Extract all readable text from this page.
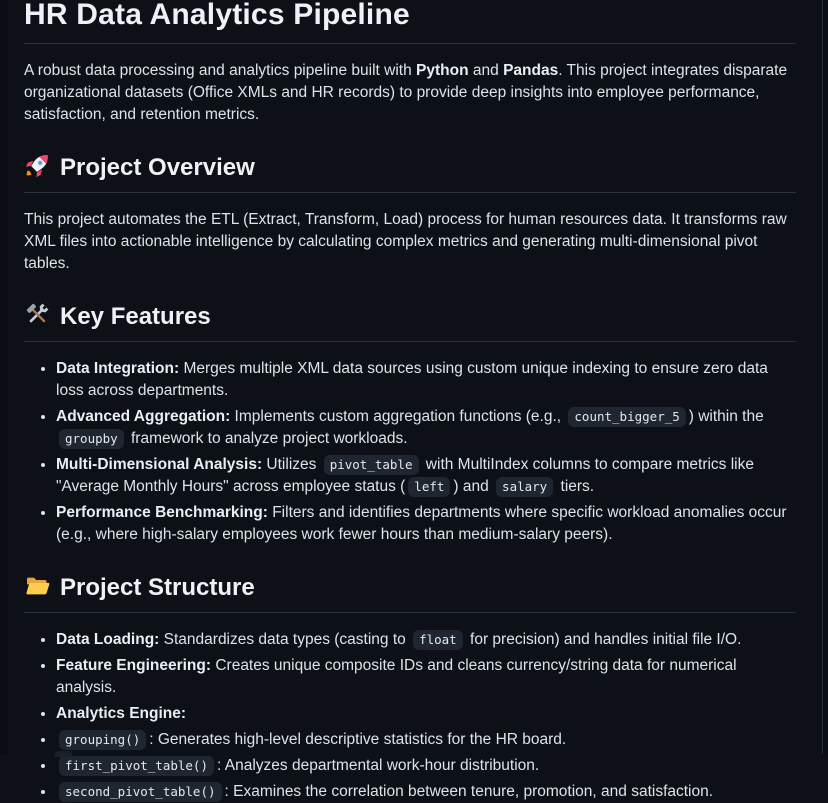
HR Data Analytics Pipeline

A robust data processing and analytics pipeline built with Python and Pandas. This project integrates disparate organizational datasets (Office XMLs and HR records) to provide deep insights into employee performance, satisfaction, and retention metrics.

Project Overview

This project automates the ETL (Extract, Transform, Load) process for human resources data. It transforms raw XML files into actionable intelligence by calculating complex metrics and generating multi-dimensional pivot tables.

Key Features
• Data Integration: Merges multiple XML data sources using custom unique indexing to ensure zero data loss across departments.
• Advanced Aggregation: Implements custom aggregation functions (e.g., count_bigger_5 ) within the groupby framework to analyze project workloads.
• Multi-Dimensional Analysis: Utilizes pivot_table with MultiIndex columns to compare metrics like "Average Monthly Hours" across employee status ( left ) and salary tiers.
• Performance Benchmarking: Filters and identifies departments where specific workload anomalies occur (e.g., where high-salary employees work fewer hours than medium-salary peers).
Project Structure
• Data Loading: Standardizes data types (casting to float for precision) and handles initial file I/O.
• Feature Engineering: Creates unique composite IDs and cleans currency/string data for numerical analysis.
• Analytics Engine:
• grouping() : Generates high-level descriptive statistics for the HR board.
• first_pivot_table() : Analyzes departmental work-hour distribution.
• second_pivot_table() : Examines the correlation between tenure, promotion, and satisfaction.
